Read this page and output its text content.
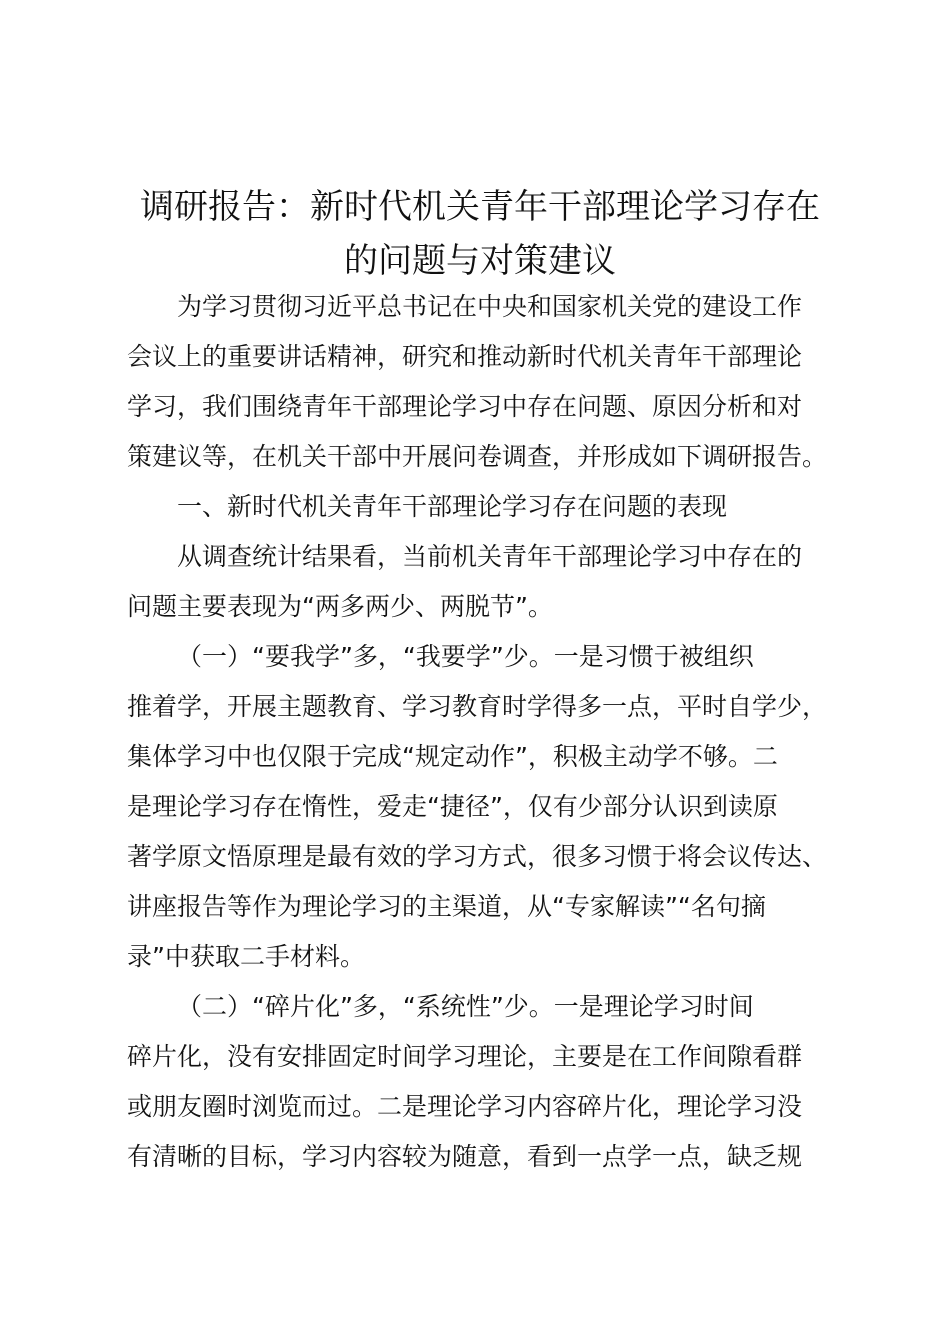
调研报告：新时代机关青年干部理论学习存在
的问题与对策建议

为学习贯彻习近平总书记在中央和国家机关党的建设工作
会议上的重要讲话精神，研究和推动新时代机关青年干部理论
学习，我们围绕青年干部理论学习中存在问题、原因分析和对
策建议等，在机关干部中开展问卷调查，并形成如下调研报告。

一、新时代机关青年干部理论学习存在问题的表现

从调查统计结果看，当前机关青年干部理论学习中存在的
问题主要表现为“两多两少、两脱节”。

（一）“要我学”多，“我要学”少。一是习惯于被组织
推着学，开展主题教育、学习教育时学得多一点，平时自学少，
集体学习中也仅限于完成“规定动作”，积极主动学不够。二
是理论学习存在惰性，爱走“捷径”，仅有少部分认识到读原
著学原文悟原理是最有效的学习方式，很多习惯于将会议传达、
讲座报告等作为理论学习的主渠道，从“专家解读”“名句摘
录”中获取二手材料。

（二）“碎片化”多，“系统性”少。一是理论学习时间
碎片化，没有安排固定时间学习理论，主要是在工作间隙看群
或朋友圈时浏览而过。二是理论学习内容碎片化，理论学习没
有清晰的目标，学习内容较为随意，看到一点学一点，缺乏规
